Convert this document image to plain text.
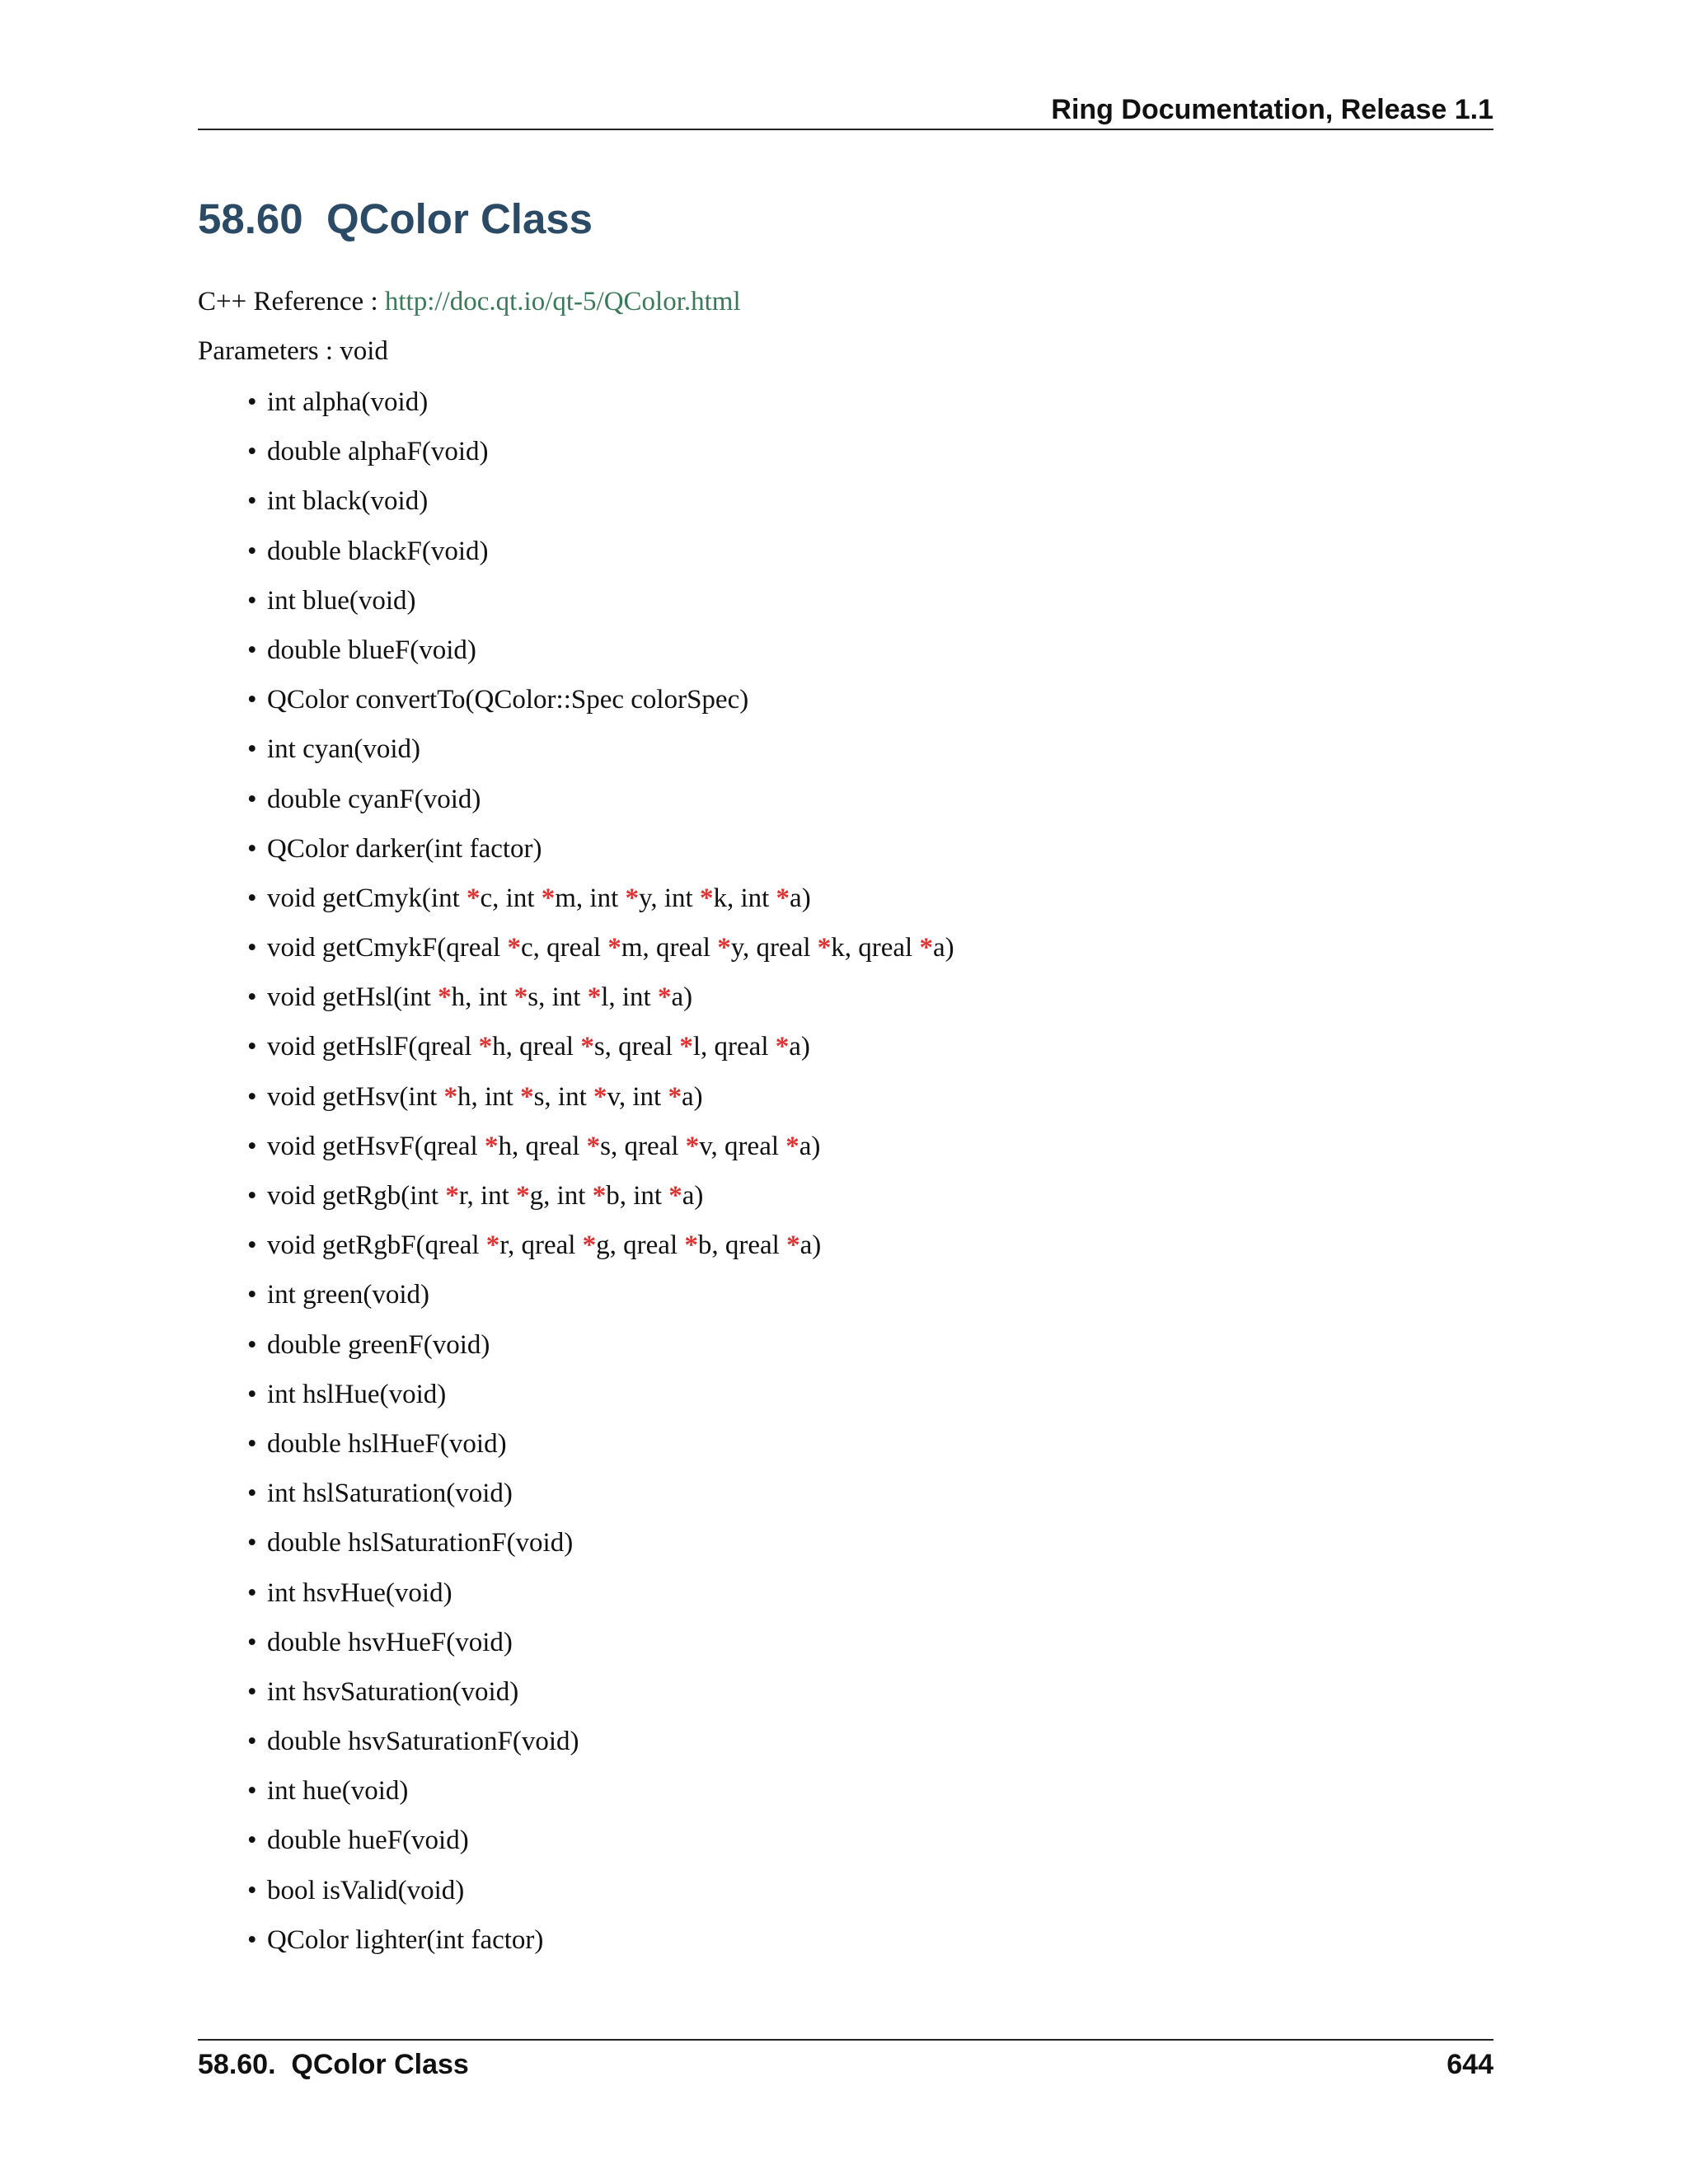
Ring Documentation, Release 1.1
58.60  QColor Class
C++ Reference : http://doc.qt.io/qt-5/QColor.html
Parameters : void
• int alpha(void)
• double alphaF(void)
• int black(void)
• double blackF(void)
• int blue(void)
• double blueF(void)
• QColor convertTo(QColor::Spec colorSpec)
• int cyan(void)
• double cyanF(void)
• QColor darker(int factor)
• void getCmyk(int *c, int *m, int *y, int *k, int *a)
• void getCmykF(qreal *c, qreal *m, qreal *y, qreal *k, qreal *a)
• void getHsl(int *h, int *s, int *l, int *a)
• void getHslF(qreal *h, qreal *s, qreal *l, qreal *a)
• void getHsv(int *h, int *s, int *v, int *a)
• void getHsvF(qreal *h, qreal *s, qreal *v, qreal *a)
• void getRgb(int *r, int *g, int *b, int *a)
• void getRgbF(qreal *r, qreal *g, qreal *b, qreal *a)
• int green(void)
• double greenF(void)
• int hslHue(void)
• double hslHueF(void)
• int hslSaturation(void)
• double hslSaturationF(void)
• int hsvHue(void)
• double hsvHueF(void)
• int hsvSaturation(void)
• double hsvSaturationF(void)
• int hue(void)
• double hueF(void)
• bool isValid(void)
• QColor lighter(int factor)
58.60.  QColor Class	644
